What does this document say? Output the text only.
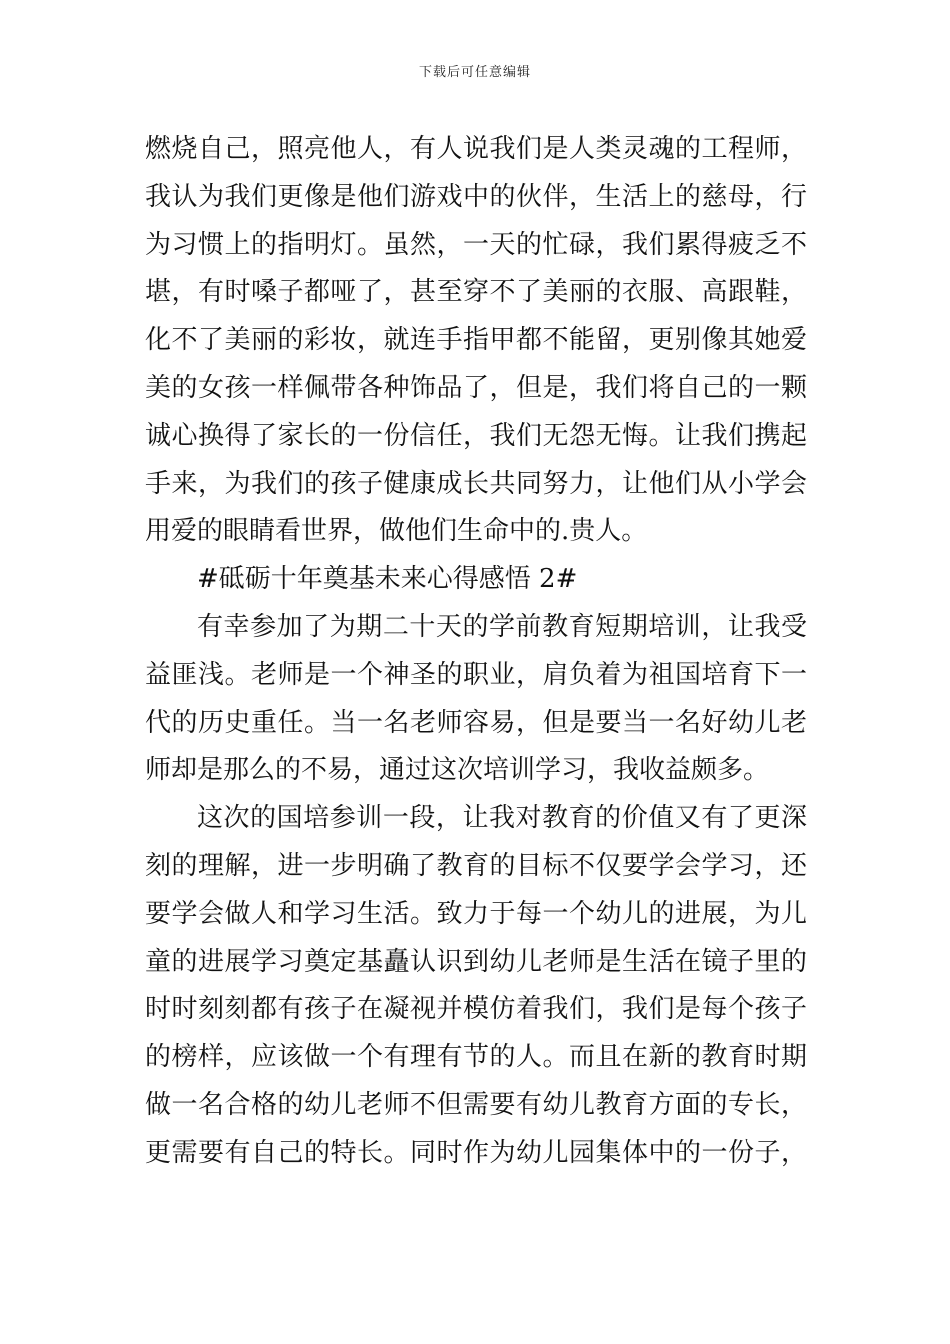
下载后可任意编辑
燃烧自己，照亮他人，有人说我们是人类灵魂的工程师，
我认为我们更像是他们游戏中的伙伴，生活上的慈母，行
为习惯上的指明灯。虽然，一天的忙碌，我们累得疲乏不
堪，有时嗓子都哑了，甚至穿不了美丽的衣服、高跟鞋，
化不了美丽的彩妆，就连手指甲都不能留，更别像其她爱
美的女孩一样佩带各种饰品了，但是，我们将自己的一颗
诚心换得了家长的一份信任，我们无怨无悔。让我们携起
手来，为我们的孩子健康成长共同努力，让他们从小学会
用爱的眼睛看世界，做他们生命中的.贵人。
#砥砺十年奠基未来心得感悟 2#
有幸参加了为期二十天的学前教育短期培训，让我受
益匪浅。老师是一个神圣的职业，肩负着为祖国培育下一
代的历史重任。当一名老师容易，但是要当一名好幼儿老
师却是那么的不易，通过这次培训学习，我收益颇多。
这次的国培参训一段，让我对教育的价值又有了更深
刻的理解，进一步明确了教育的目标不仅要学会学习，还
要学会做人和学习生活。致力于每一个幼儿的进展，为儿
童的进展学习奠定基矗认识到幼儿老师是生活在镜子里的
时时刻刻都有孩子在凝视并模仿着我们，我们是每个孩子
的榜样，应该做一个有理有节的人。而且在新的教育时期
做一名合格的幼儿老师不但需要有幼儿教育方面的专长，
更需要有自己的特长。同时作为幼儿园集体中的一份子，
